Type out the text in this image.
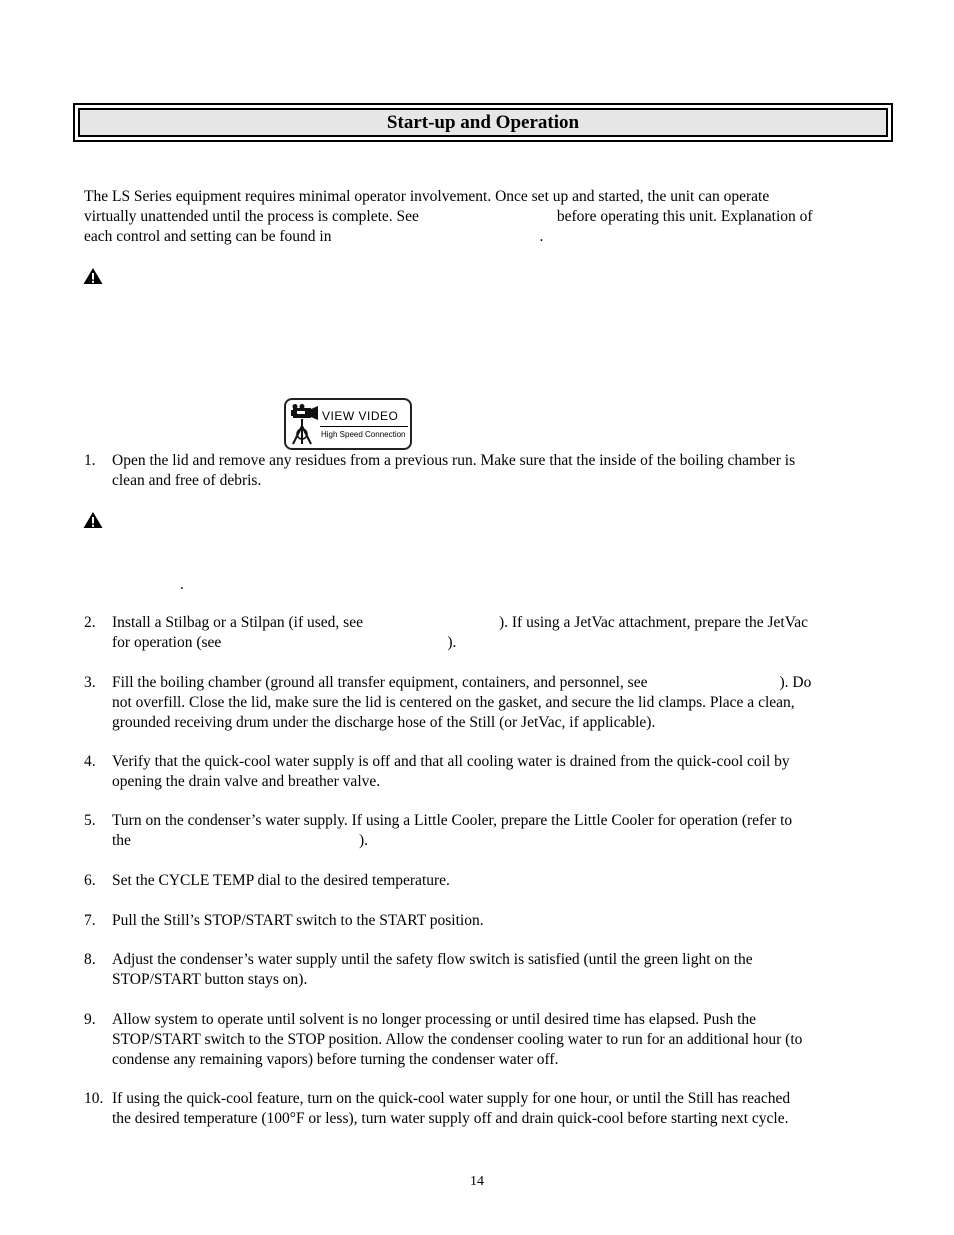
Start-up and Operation
The LS Series equipment requires minimal operator involvement. Once set up and started, the unit can operate
virtually unattended until the process is complete. See	before operating this unit. Explanation of
each control and setting can be found in	.
VIEW VIDEO
High Speed Connection
1.	Open the lid and remove any residues from a previous run. Make sure that the inside of the boiling chamber is
clean and free of debris.
.
2.	Install a Stilbag or a Stilpan (if used, see	). If using a JetVac attachment, prepare the JetVac
for operation (see	).
3.	Fill the boiling chamber (ground all transfer equipment, containers, and personnel, see	). Do
not overfill. Close the lid, make sure the lid is centered on the gasket, and secure the lid clamps. Place a clean,
grounded receiving drum under the discharge hose of the Still (or JetVac, if applicable).
4.	Verify that the quick-cool water supply is off and that all cooling water is drained from the quick-cool coil by
opening the drain valve and breather valve.
5.	Turn on the condenser’s water supply. If using a Little Cooler, prepare the Little Cooler for operation (refer to
the	).
6.	Set the CYCLE TEMP dial to the desired temperature.
7.	Pull the Still’s STOP/START switch to the START position.
8.	Adjust the condenser’s water supply until the safety flow switch is satisfied (until the green light on the
STOP/START button stays on).
9.	Allow system to operate until solvent is no longer processing or until desired time has elapsed. Push the
STOP/START switch to the STOP position. Allow the condenser cooling water to run for an additional hour (to
condense any remaining vapors) before turning the condenser water off.
10. If using the quick-cool feature, turn on the quick-cool water supply for one hour, or until the Still has reached
the desired temperature (100°F or less), turn water supply off and drain quick-cool before starting next cycle.
14
